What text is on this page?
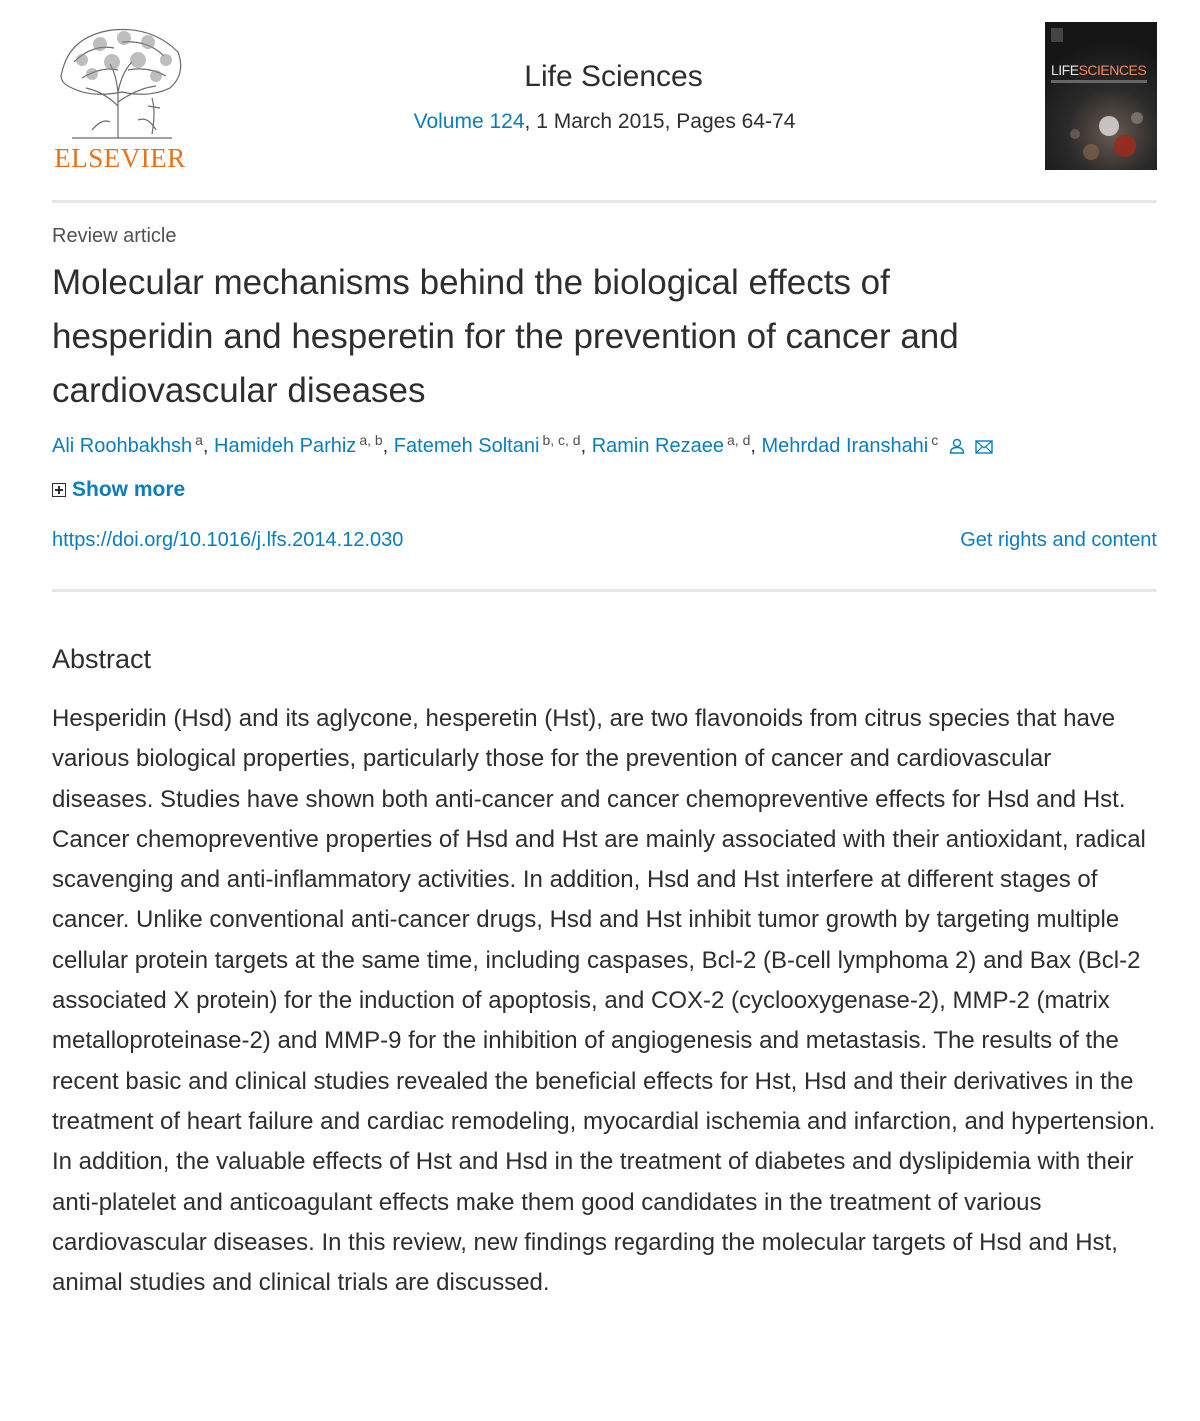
ELSEVIER
Life Sciences
Volume 124, 1 March 2015, Pages 64-74
LIFESCIENCES
Review article
Molecular mechanisms behind the biological effects of
hesperidin and hesperetin for the prevention of cancer and
cardiovascular diseases
Ali Roohbakhsh $^a$, Hamideh Parhiz $^{a, b}$, Fatemeh Soltani $^{b, c, d}$, Ramin Rezaee $^{a, d}$, Mehrdad Iranshahi $^c$
Show more
https://doi.org/10.1016/j.lfs.2014.12.030	Get rights and content
Abstract
Hesperidin (Hsd) and its aglycone, hesperetin (Hst), are two flavonoids from citrus species that have various biological properties, particularly those for the prevention of cancer and cardiovascular diseases. Studies have shown both anti-cancer and cancer chemopreventive effects for Hsd and Hst. Cancer chemopreventive properties of Hsd and Hst are mainly associated with their antioxidant, radical scavenging and anti-inflammatory activities. In addition, Hsd and Hst interfere at different stages of cancer. Unlike conventional anti-cancer drugs, Hsd and Hst inhibit tumor growth by targeting multiple cellular protein targets at the same time, including caspases, Bcl-2 (B-cell lymphoma 2) and Bax (Bcl-2 associated X protein) for the induction of apoptosis, and COX-2 (cyclooxygenase-2), MMP-2 (matrix metalloproteinase-2) and MMP-9 for the inhibition of angiogenesis and metastasis. The results of the recent basic and clinical studies revealed the beneficial effects for Hst, Hsd and their derivatives in the treatment of heart failure and cardiac remodeling, myocardial ischemia and infarction, and hypertension. In addition, the valuable effects of Hst and Hsd in the treatment of diabetes and dyslipidemia with their anti-platelet and anticoagulant effects make them good candidates in the treatment of various cardiovascular diseases. In this review, new findings regarding the molecular targets of Hsd and Hst, animal studies and clinical trials are discussed.
